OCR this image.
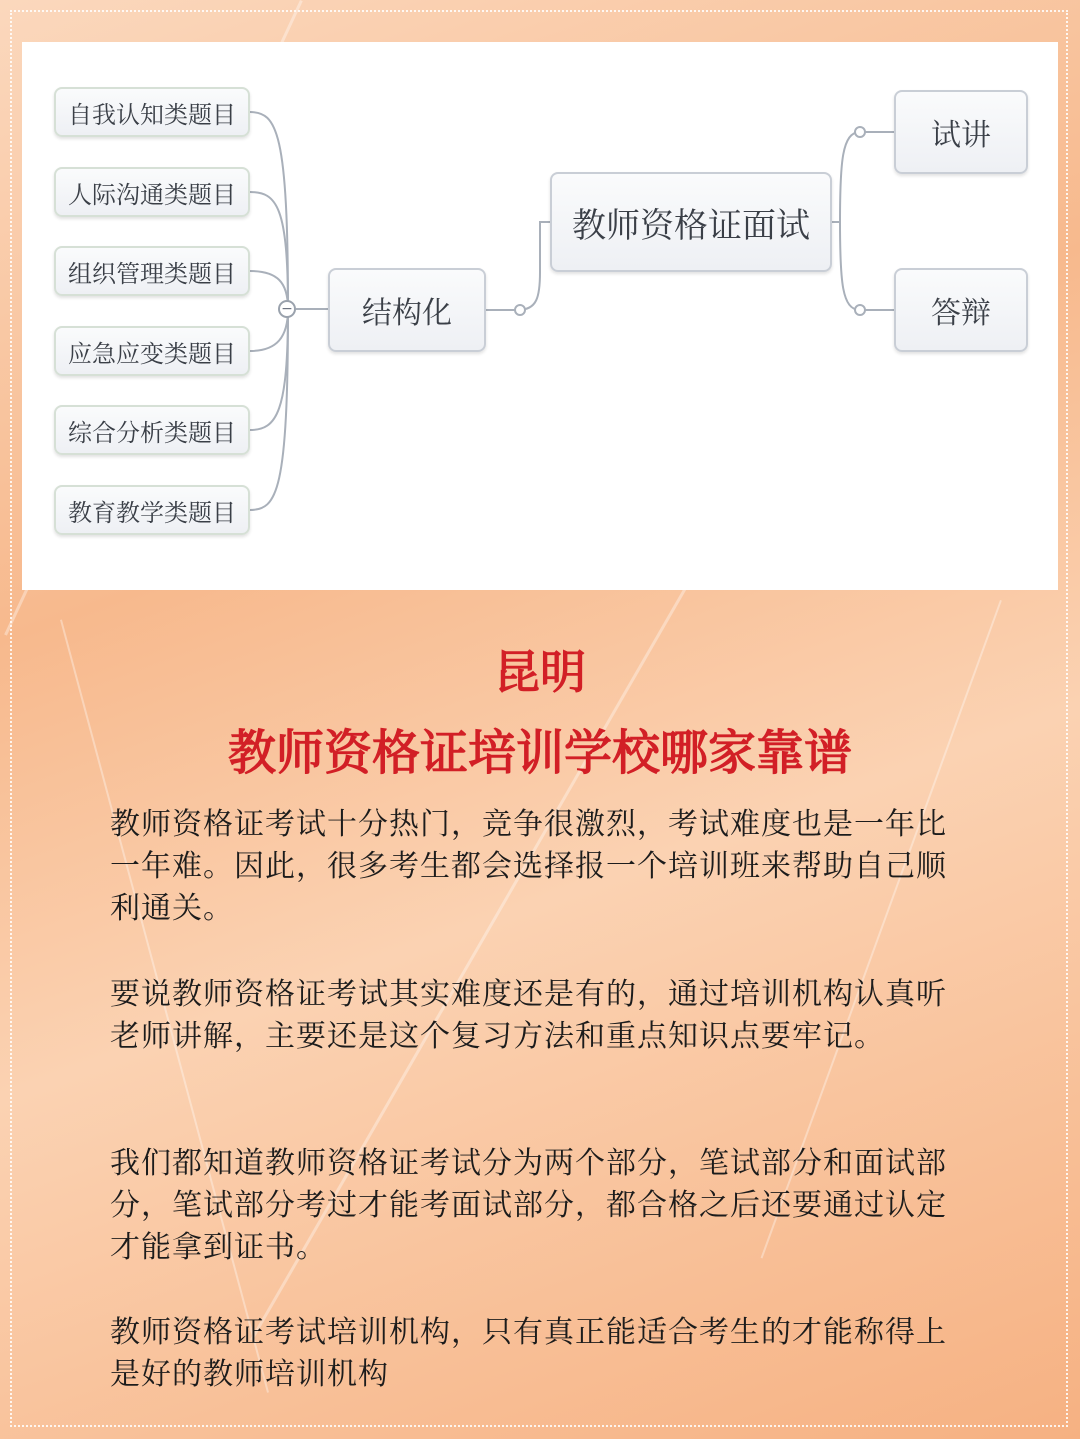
自我认知类题目
人际沟通类题目
组织管理类题目
应急应变类题目
综合分析类题目
教育教学类题目
−	结构化
教师资格证面试
试讲
答辩
昆明
教师资格证培训学校哪家靠谱

教师资格证考试十分热门，竞争很激烈，考试难度也是一年比一年难。因此，很多考生都会选择报一个培训班来帮助自己顺利通关。

要说教师资格证考试其实难度还是有的，通过培训机构认真听老师讲解，主要还是这个复习方法和重点知识点要牢记。

我们都知道教师资格证考试分为两个部分，笔试部分和面试部分，笔试部分考过才能考面试部分，都合格之后还要通过认定才能拿到证书。

教师资格证考试培训机构，只有真正能适合考生的才能称得上是好的教师培训机构
